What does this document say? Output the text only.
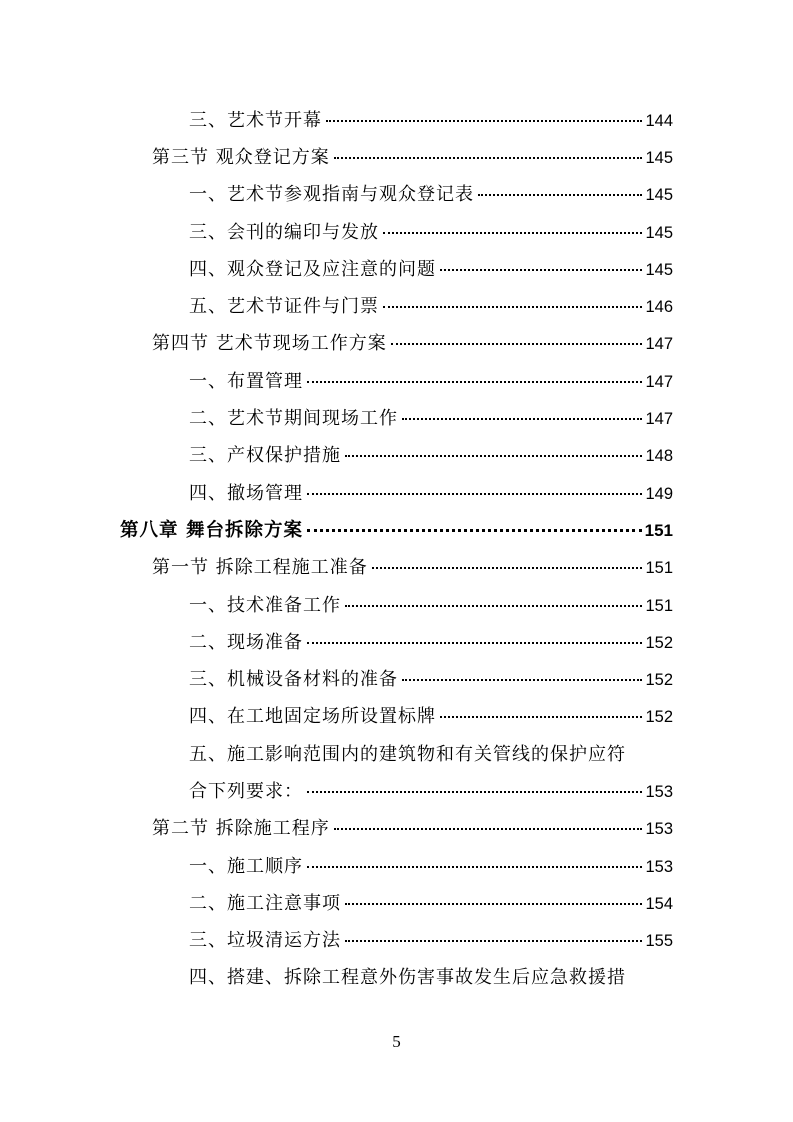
三、艺术节开幕	144
第三节 观众登记方案	145
一、艺术节参观指南与观众登记表	145
三、会刊的编印与发放	145
四、观众登记及应注意的问题	145
五、艺术节证件与门票	146
第四节 艺术节现场工作方案	147
一、布置管理	147
二、艺术节期间现场工作	147
三、产权保护措施	148
四、撤场管理	149
第八章 舞台拆除方案	151
第一节 拆除工程施工准备	151
一、技术准备工作	151
二、现场准备	152
三、机械设备材料的准备	152
四、在工地固定场所设置标牌	152
五、施工影响范围内的建筑物和有关管线的保护应符
合下列要求：	153
第二节 拆除施工程序	153
一、施工顺序	153
二、施工注意事项	154
三、垃圾清运方法	155
四、搭建、拆除工程意外伤害事故发生后应急救援措
5
